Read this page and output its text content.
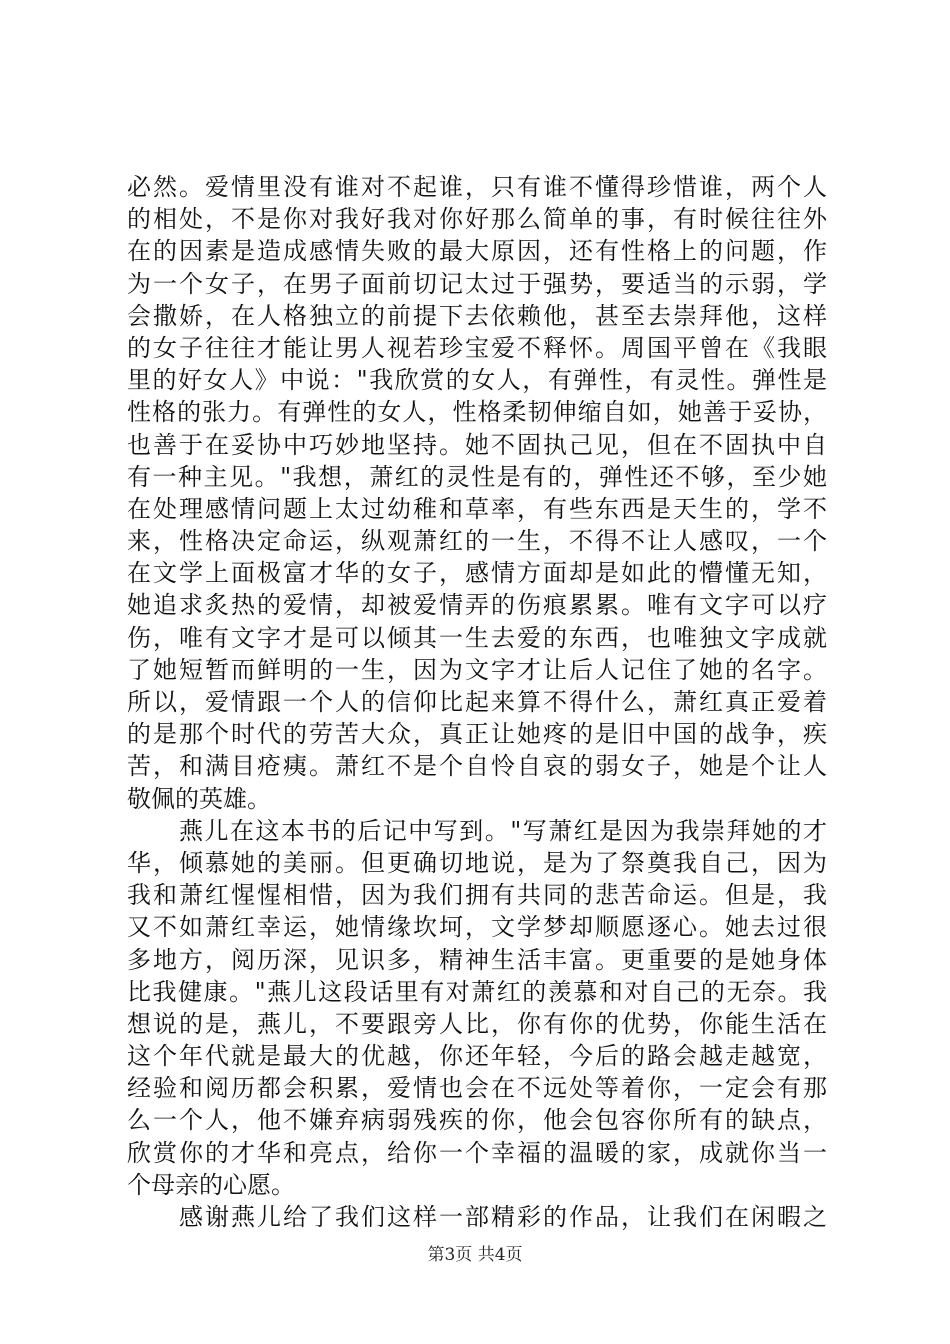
必然。爱情里没有谁对不起谁，只有谁不懂得珍惜谁，两个人
的相处，不是你对我好我对你好那么简单的事，有时候往往外
在的因素是造成感情失败的最大原因，还有性格上的问题，作
为一个女子，在男子面前切记太过于强势，要适当的示弱，学
会撒娇，在人格独立的前提下去依赖他，甚至去崇拜他，这样
的女子往往才能让男人视若珍宝爱不释怀。周国平曾在《我眼
里的好女人》中说："我欣赏的女人，有弹性，有灵性。弹性是
性格的张力。有弹性的女人，性格柔韧伸缩自如，她善于妥协，
也善于在妥协中巧妙地坚持。她不固执己见，但在不固执中自
有一种主见。"我想，萧红的灵性是有的，弹性还不够，至少她
在处理感情问题上太过幼稚和草率，有些东西是天生的，学不
来，性格决定命运，纵观萧红的一生，不得不让人感叹，一个
在文学上面极富才华的女子，感情方面却是如此的懵懂无知，
她追求炙热的爱情，却被爱情弄的伤痕累累。唯有文字可以疗
伤，唯有文字才是可以倾其一生去爱的东西，也唯独文字成就
了她短暂而鲜明的一生，因为文字才让后人记住了她的名字。
所以，爱情跟一个人的信仰比起来算不得什么，萧红真正爱着
的是那个时代的劳苦大众，真正让她疼的是旧中国的战争，疾
苦，和满目疮痍。萧红不是个自怜自哀的弱女子，她是个让人
敬佩的英雄。
燕儿在这本书的后记中写到。"写萧红是因为我崇拜她的才
华，倾慕她的美丽。但更确切地说，是为了祭奠我自己，因为
我和萧红惺惺相惜，因为我们拥有共同的悲苦命运。但是，我
又不如萧红幸运，她情缘坎坷，文学梦却顺愿逐心。她去过很
多地方，阅历深，见识多，精神生活丰富。更重要的是她身体
比我健康。"燕儿这段话里有对萧红的羡慕和对自己的无奈。我
想说的是，燕儿，不要跟旁人比，你有你的优势，你能生活在
这个年代就是最大的优越，你还年轻，今后的路会越走越宽，
经验和阅历都会积累，爱情也会在不远处等着你，一定会有那
么一个人，他不嫌弃病弱残疾的你，他会包容你所有的缺点，
欣赏你的才华和亮点，给你一个幸福的温暖的家，成就你当一
个母亲的心愿。
感谢燕儿给了我们这样一部精彩的作品，让我们在闲暇之
第3页 共4页
